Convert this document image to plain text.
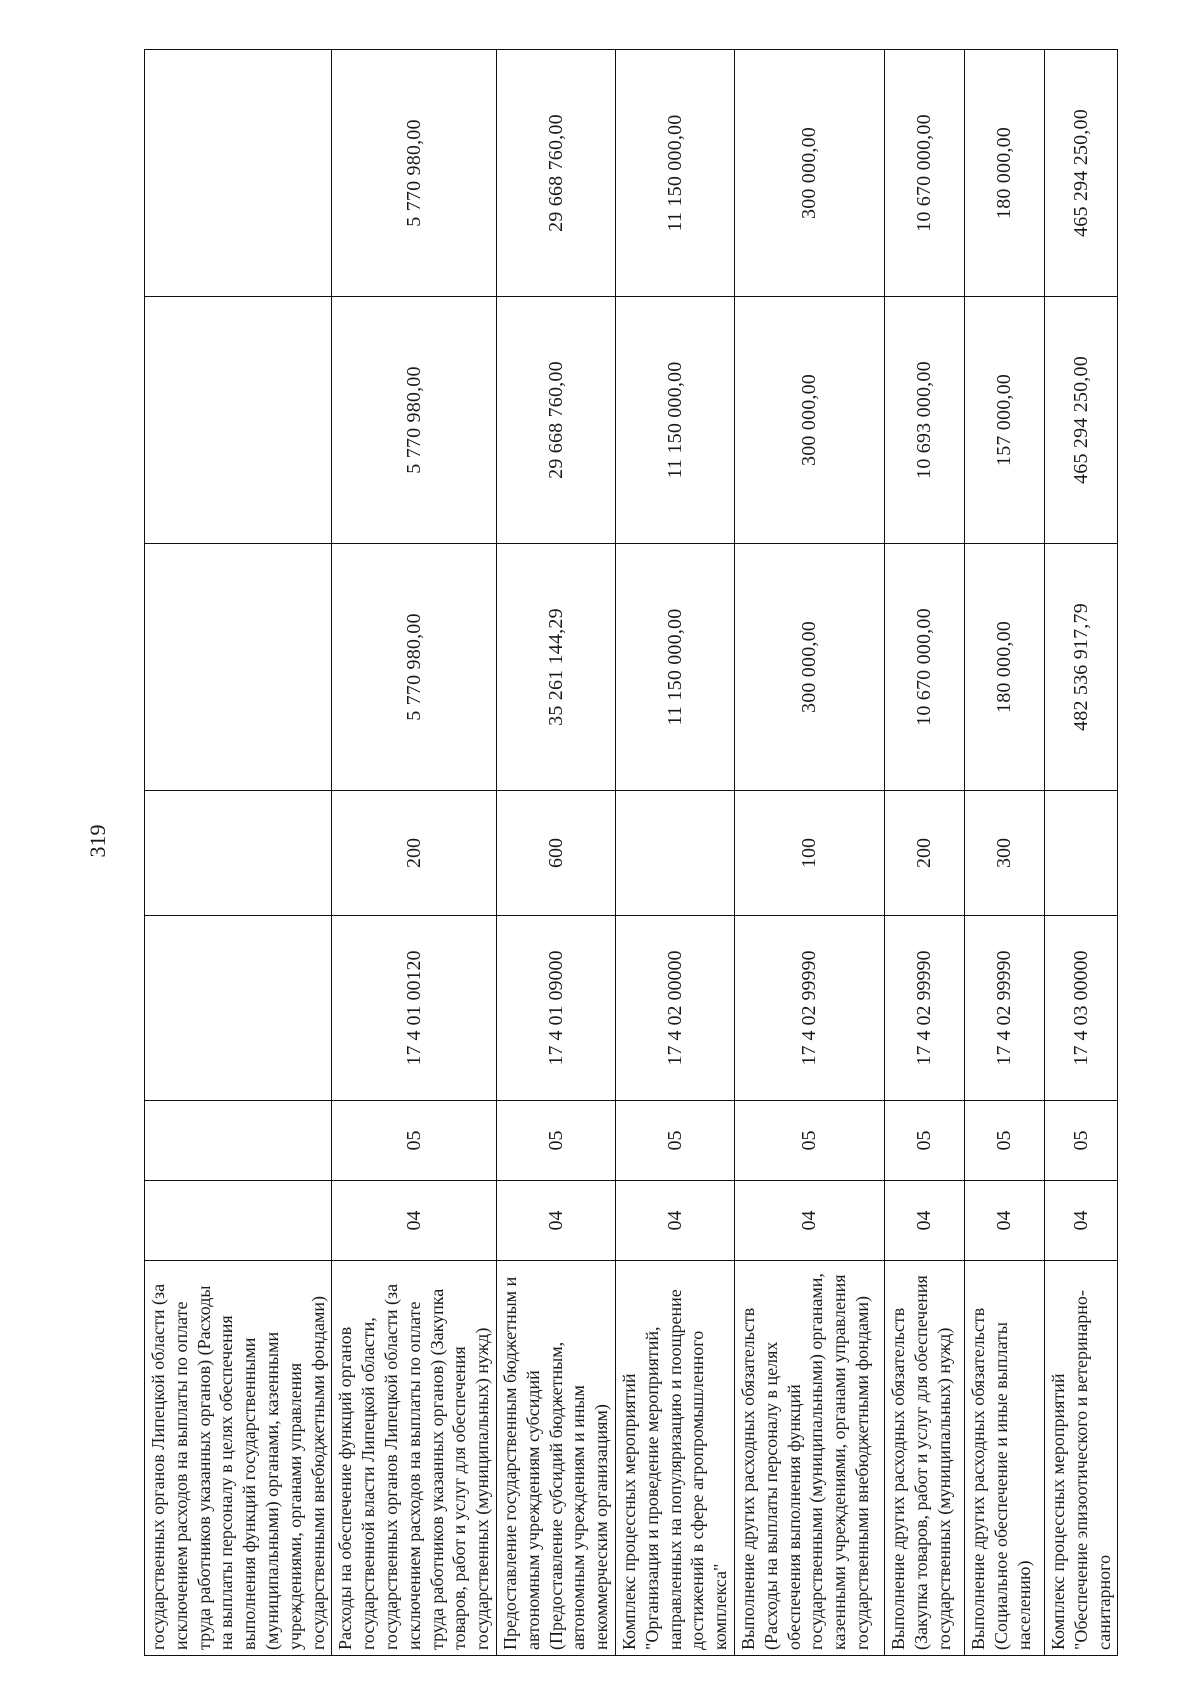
319
государственных органов Липецкой области (за исключением расходов на выплаты по оплате труда работников указанных органов) (Расходы на выплаты персоналу в целях обеспечения выполнения функций государственными (муниципальными) органами, казенными учреждениями, органами управления государственными внебюджетными фондами)							
Расходы на обеспечение функций органов государственной власти Липецкой области, государственных органов Липецкой области (за исключением расходов на выплаты по оплате труда работников указанных органов) (Закупка товаров, работ и услуг для обеспечения государственных (муниципальных) нужд)	04	05	17 4 01 00120	200	5 770 980,00	5 770 980,00	5 770 980,00
Предоставление государственным бюджетным и автономным учреждениям субсидий (Предоставление субсидий бюджетным, автономным учреждениям и иным некоммерческим организациям)	04	05	17 4 01 09000	600	35 261 144,29	29 668 760,00	29 668 760,00
Комплекс процессных мероприятий "Организация и проведение мероприятий, направленных на популяризацию и поощрение достижений в сфере агропромышленного комплекса"	04	05	17 4 02 00000		11 150 000,00	11 150 000,00	11 150 000,00
Выполнение других расходных обязательств (Расходы на выплаты персоналу в целях обеспечения выполнения функций государственными (муниципальными) органами, казенными учреждениями, органами управления государственными внебюджетными фондами)	04	05	17 4 02 99990	100	300 000,00	300 000,00	300 000,00
Выполнение других расходных обязательств (Закупка товаров, работ и услуг для обеспечения государственных (муниципальных) нужд)	04	05	17 4 02 99990	200	10 670 000,00	10 693 000,00	10 670 000,00
Выполнение других расходных обязательств (Социальное обеспечение и иные выплаты населению)	04	05	17 4 02 99990	300	180 000,00	157 000,00	180 000,00
Комплекс процессных мероприятий "Обеспечение эпизоотического и ветеринарно-санитарного	04	05	17 4 03 00000		482 536 917,79	465 294 250,00	465 294 250,00
